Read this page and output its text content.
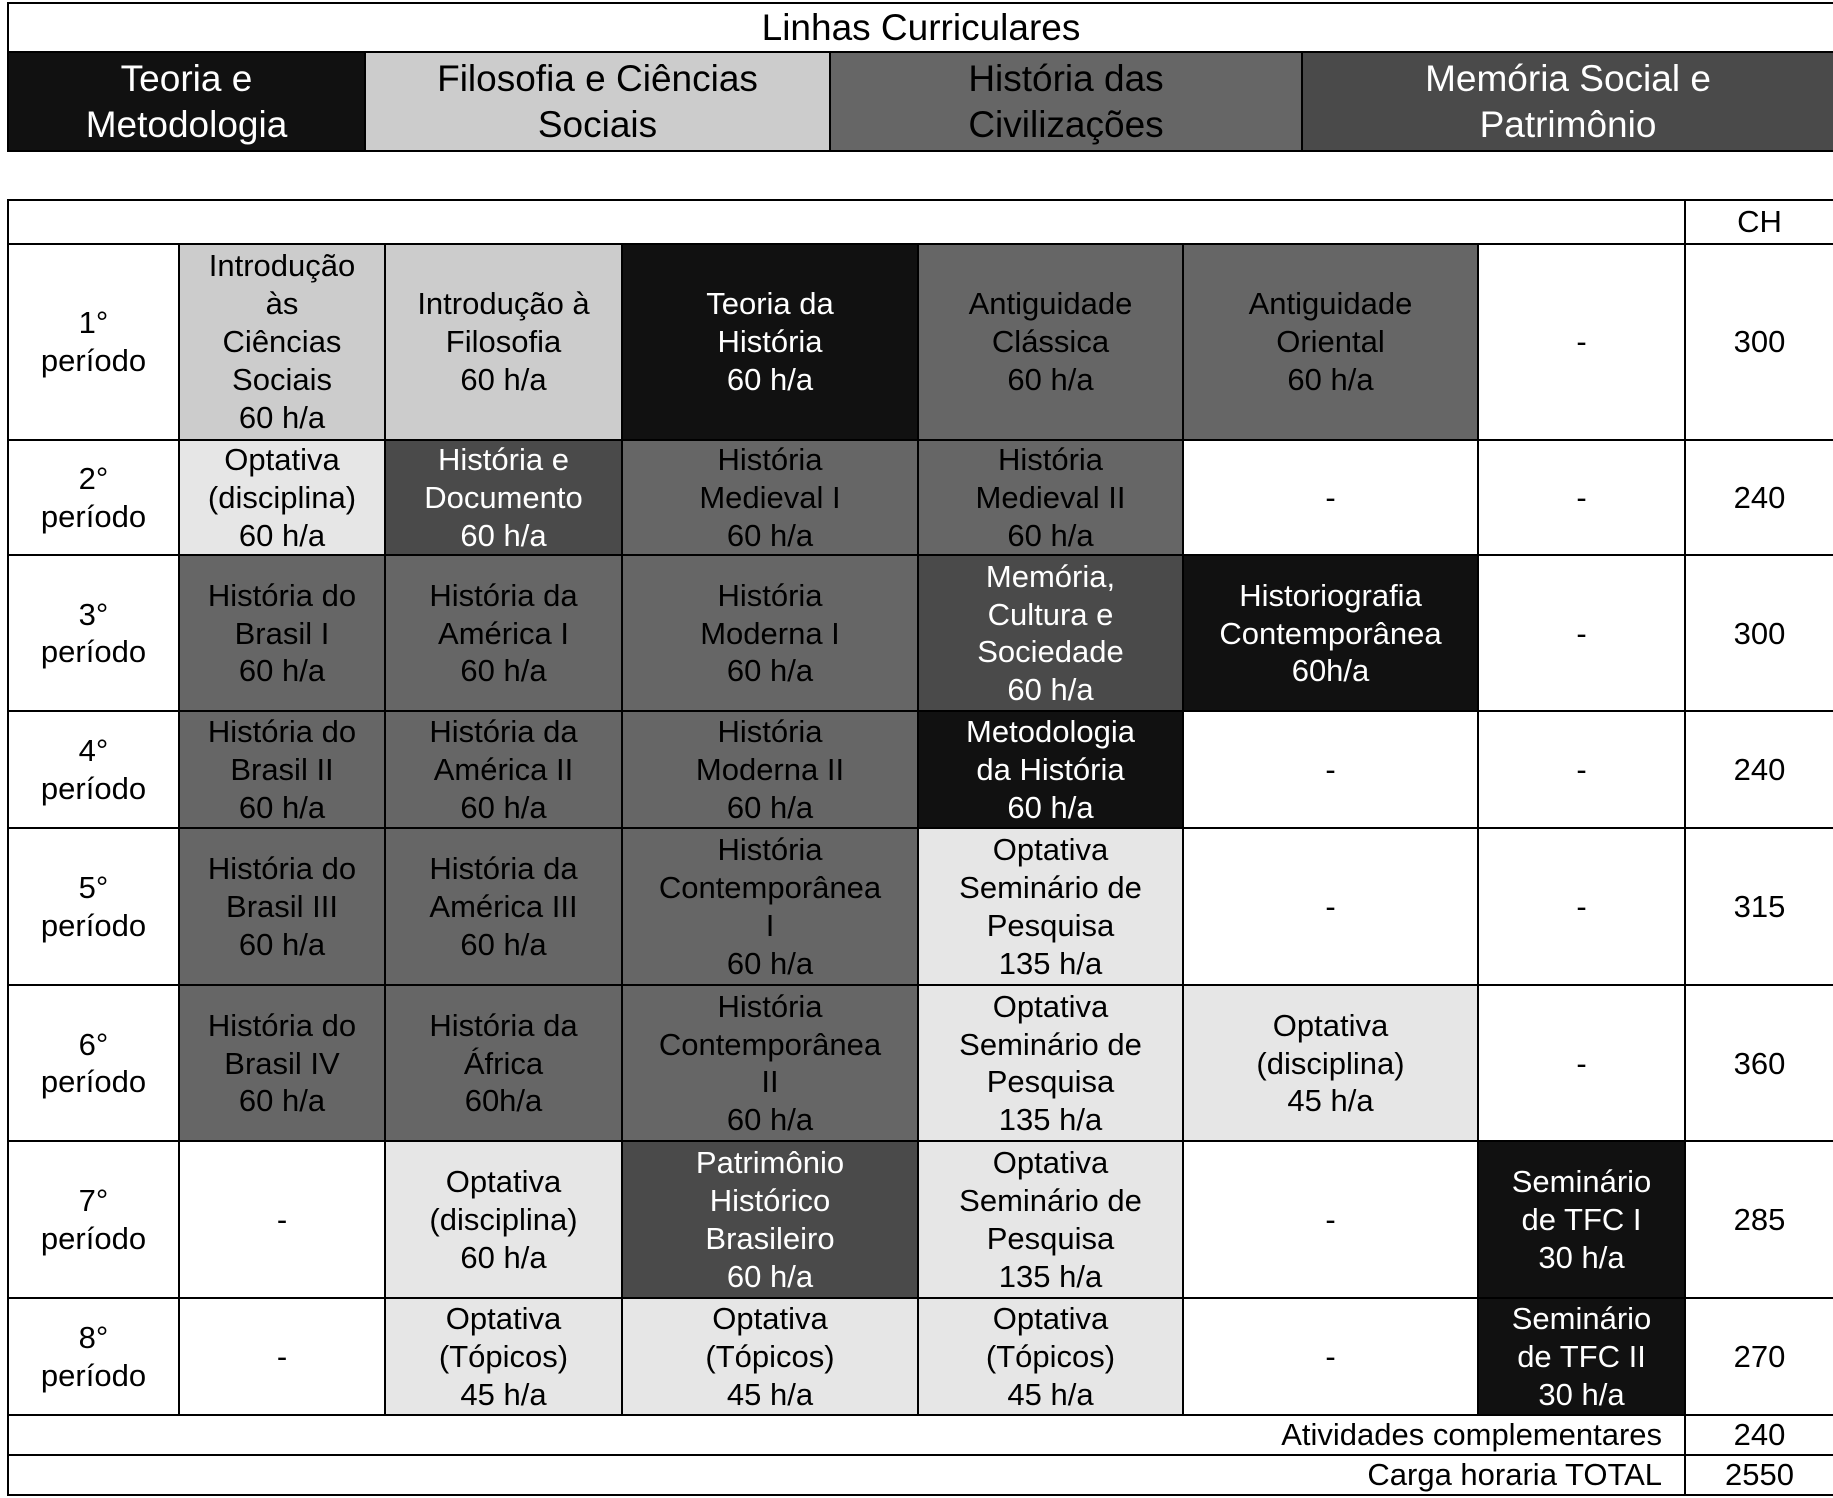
Linhas Curriculares

Teoria e
Metodologia

Filosofia e Ciências
Sociais

História das
Civilizações

Memória Social e
Patrimônio
							CH

1°
período	Introdução
às
Ciências
Sociais
60 h/a	Introdução à
Filosofia
60 h/a	Teoria da
História
60 h/a	Antiguidade
Clássica
60 h/a	Antiguidade
Oriental
60 h/a	-	300

2°
período	Optativa
(disciplina)
60 h/a	História e
Documento
60 h/a	História
Medieval I
60 h/a	História
Medieval II
60 h/a	-	-	240

3°
período	História do
Brasil I
60 h/a	História da
América I
60 h/a	História
Moderna I
60 h/a	Memória,
Cultura e
Sociedade
60 h/a	Historiografia
Contemporânea
60h/a	-	300

4°
período	História do
Brasil II
60 h/a	História da
América II
60 h/a	História
Moderna II
60 h/a	Metodologia
da História
60 h/a	-	-	240

5°
período	História do
Brasil III
60 h/a	História da
América III
60 h/a	História
Contemporânea
I
60 h/a	Optativa
Seminário de
Pesquisa
135 h/a	-	-	315

6°
período	História do
Brasil IV
60 h/a	História da
África
60h/a	História
Contemporânea
II
60 h/a	Optativa
Seminário de
Pesquisa
135 h/a	Optativa
(disciplina)
45 h/a	-	360

7°
período	-	Optativa
(disciplina)
60 h/a	Patrimônio
Histórico
Brasileiro
60 h/a	Optativa
Seminário de
Pesquisa
135 h/a	-	Seminário
de TFC I
30 h/a	285

8°
período	-	Optativa
(Tópicos)
45 h/a	Optativa
(Tópicos)
45 h/a	Optativa
(Tópicos)
45 h/a	-	Seminário
de TFC II
30 h/a	270
Atividades complementares							240
Carga horaria TOTAL							2550
